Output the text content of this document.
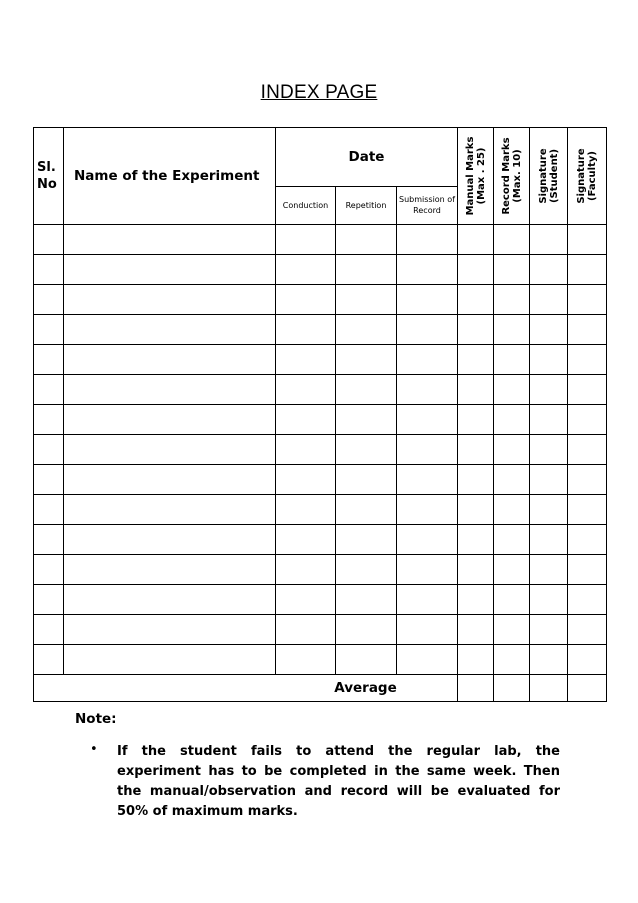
INDEX PAGE
Sl. No	Name of the Experiment	Date			Manual Marks (Max . 25)	Record Marks (Max. 10)	Signature (Student)	Signature (Faculty)

		Conduction	Repetition	Submission of Record				

Average								
Note:
• If the student fails to attend the regular lab, the experiment has to be completed in the same week. Then the manual/observation and record will be evaluated for 50% of maximum marks.
